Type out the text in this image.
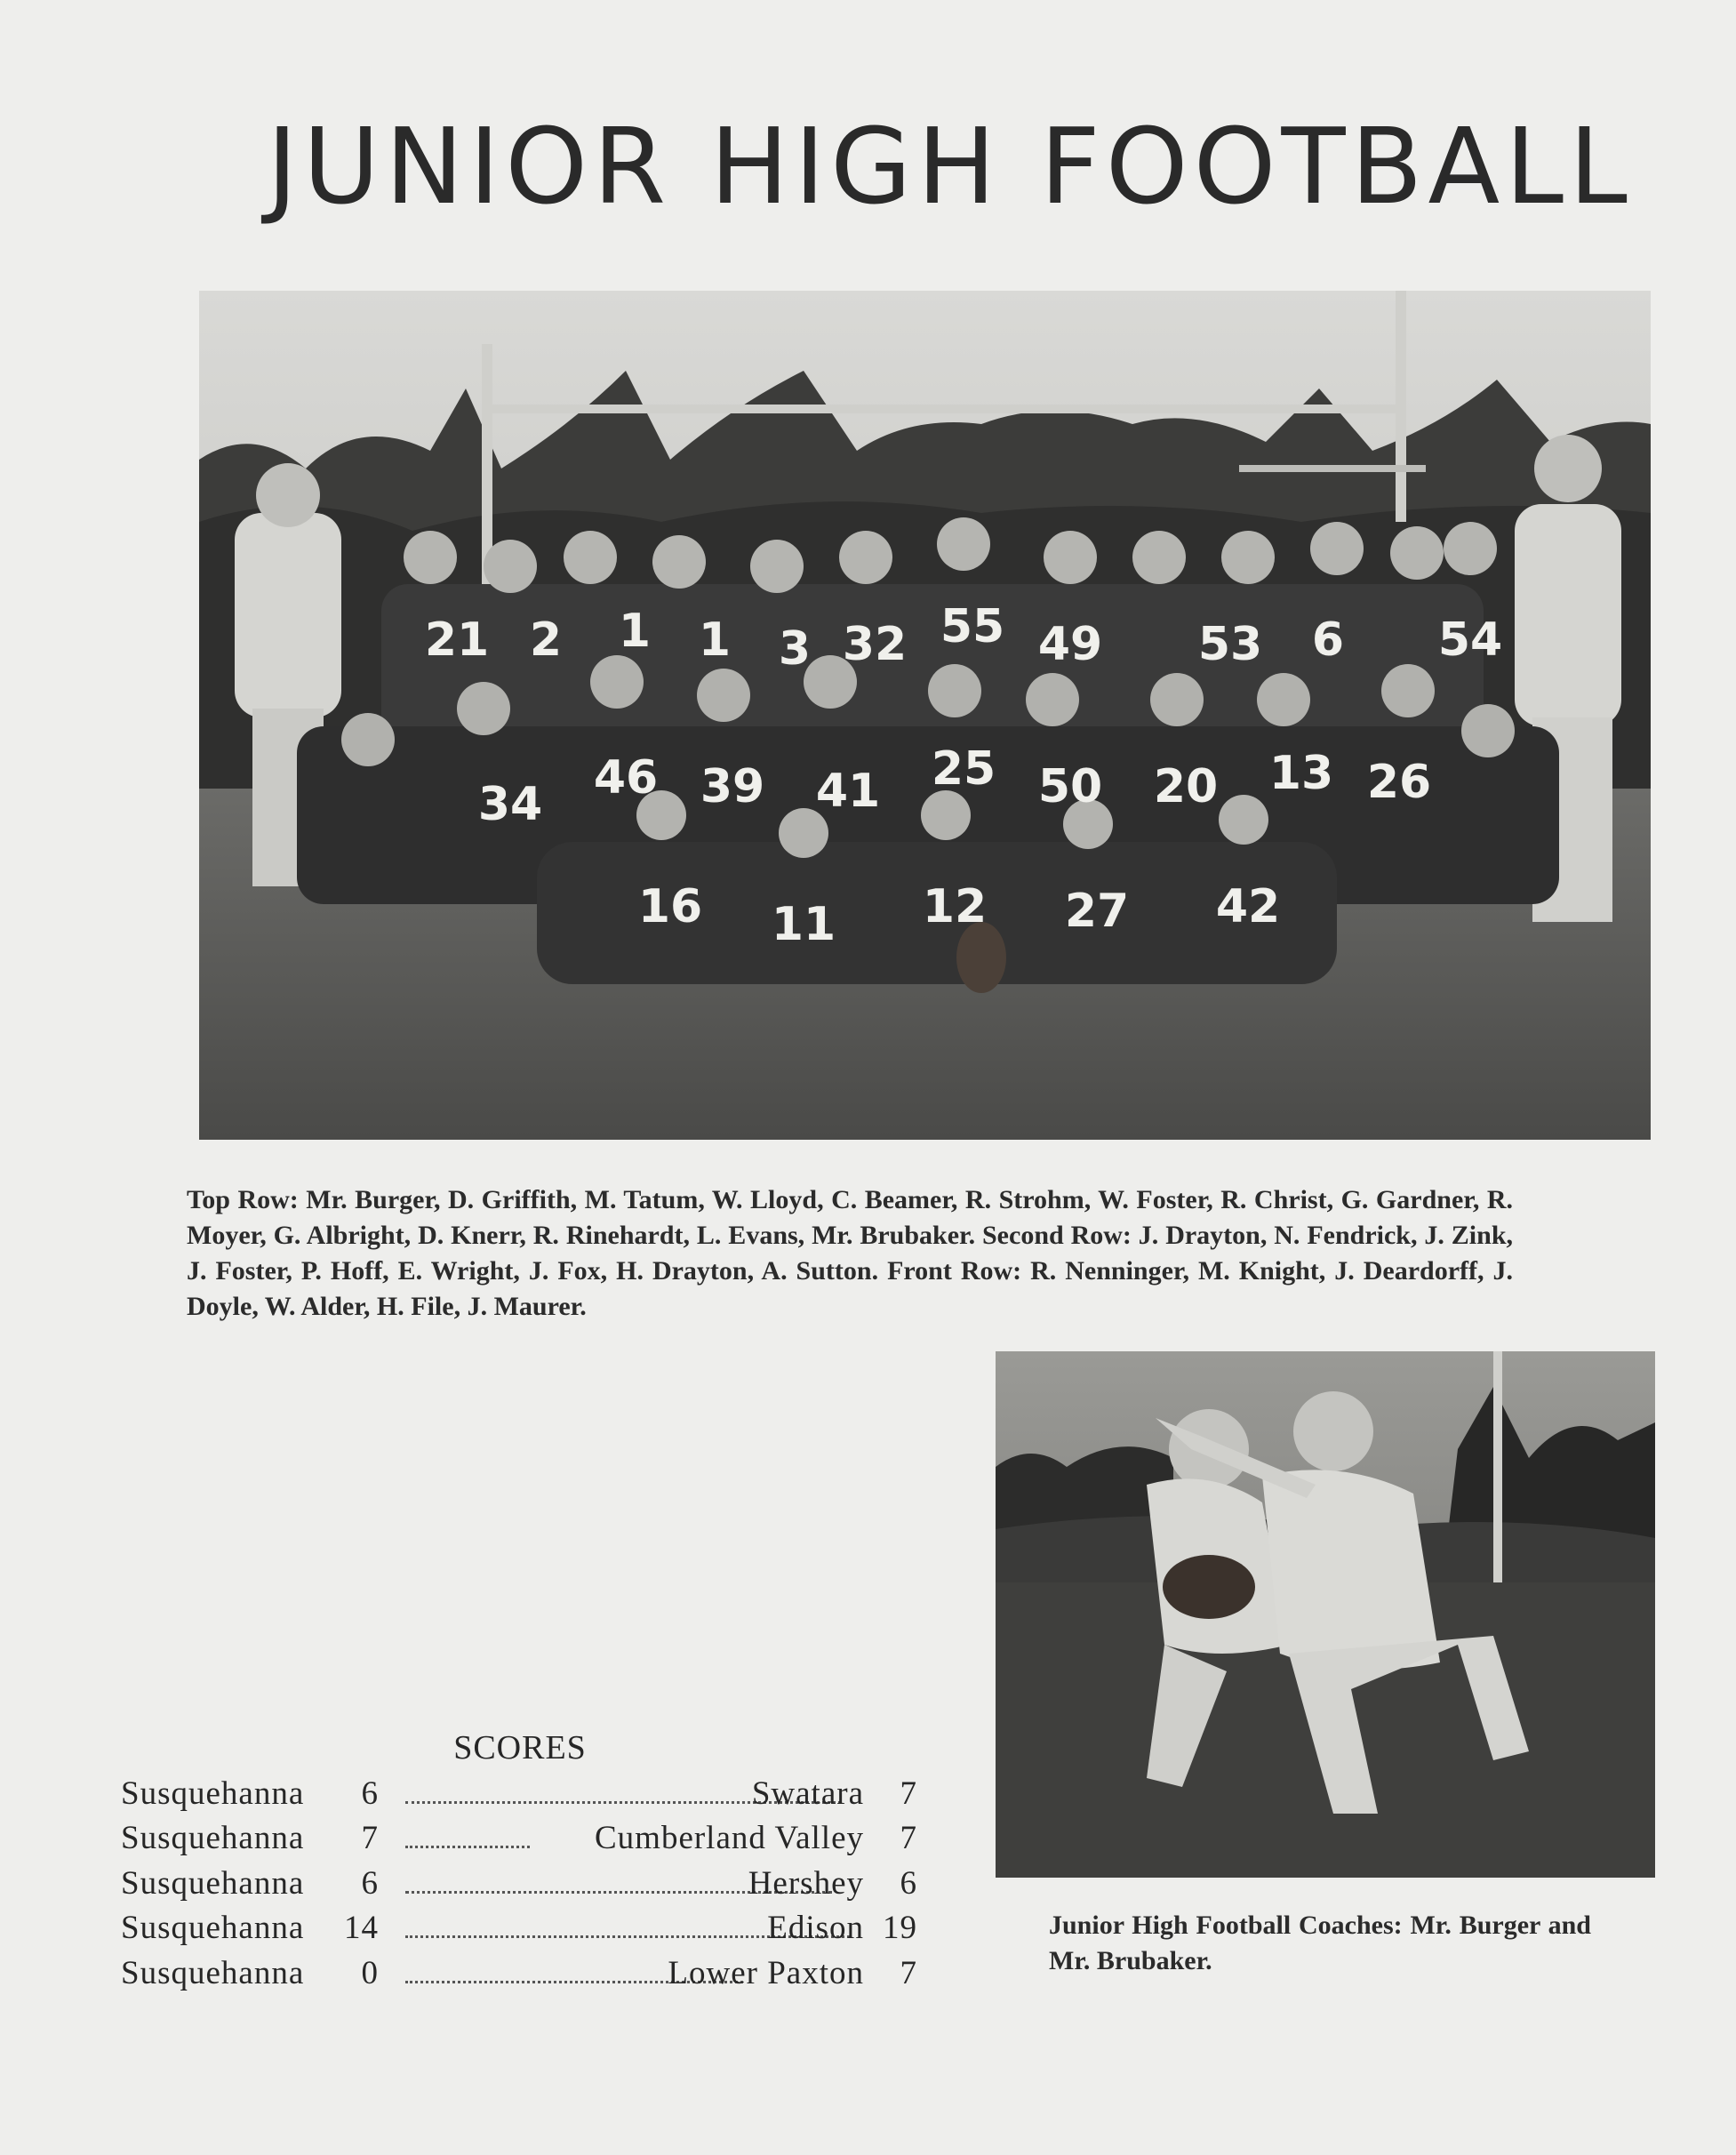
JUNIOR HIGH FOOTBALL
21 2 1 1 3 32 55 49 53 6 54
34 46 39 41 25 50 20 13 26
16 11 12 27 42
Top Row: Mr. Burger, D. Griffith, M. Tatum, W. Lloyd, C. Beamer, R. Strohm, W. Foster, R. Christ, G. Gardner, R. Moyer, G. Albright, D. Knerr, R. Rinehardt, L. Evans, Mr. Brubaker. Second Row: J. Drayton, N. Fendrick, J. Zink, J. Foster, P. Hoff, E. Wright, J. Fox, H. Drayton, A. Sutton. Front Row: R. Nenninger, M. Knight, J. Deardorff, J. Doyle, W. Alder, H. File, J. Maurer.
SCORES
Susquehanna	6	Swatara	7
Susquehanna	7	Cumberland Valley	7
Susquehanna	6	Hershey	6
Susquehanna 14	Edison 19
Susquehanna	0	Lower Paxton	7
Junior High Football Coaches: Mr. Burger and Mr. Brubaker.
